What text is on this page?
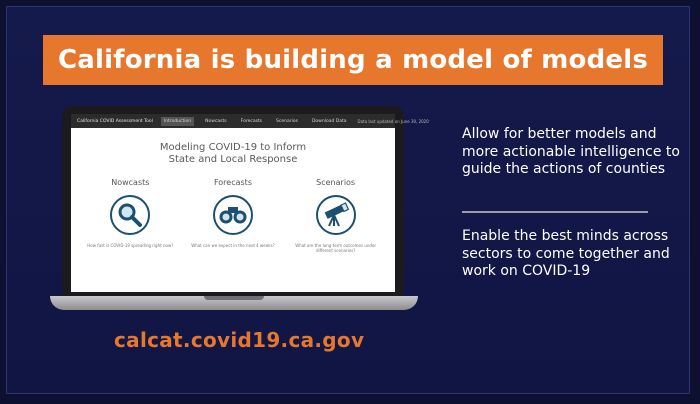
California is building a model of models
California COVID Assessment Tool	Introduction	Nowcasts	Forecasts	Scenarios	Download Data	Data last updated on June 30, 2020
Modeling COVID-19 to Inform
State and Local Response
Nowcasts
How fast is COVID-19 spreading right now?
Forecasts
What can we expect in the next 4 weeks?
Scenarios
What are the long-term outcomes under different scenarios?
Allow for better models and more actionable intelligence to guide the actions of counties
Enable the best minds across sectors to come together and work on COVID-19
calcat.covid19.ca.gov
